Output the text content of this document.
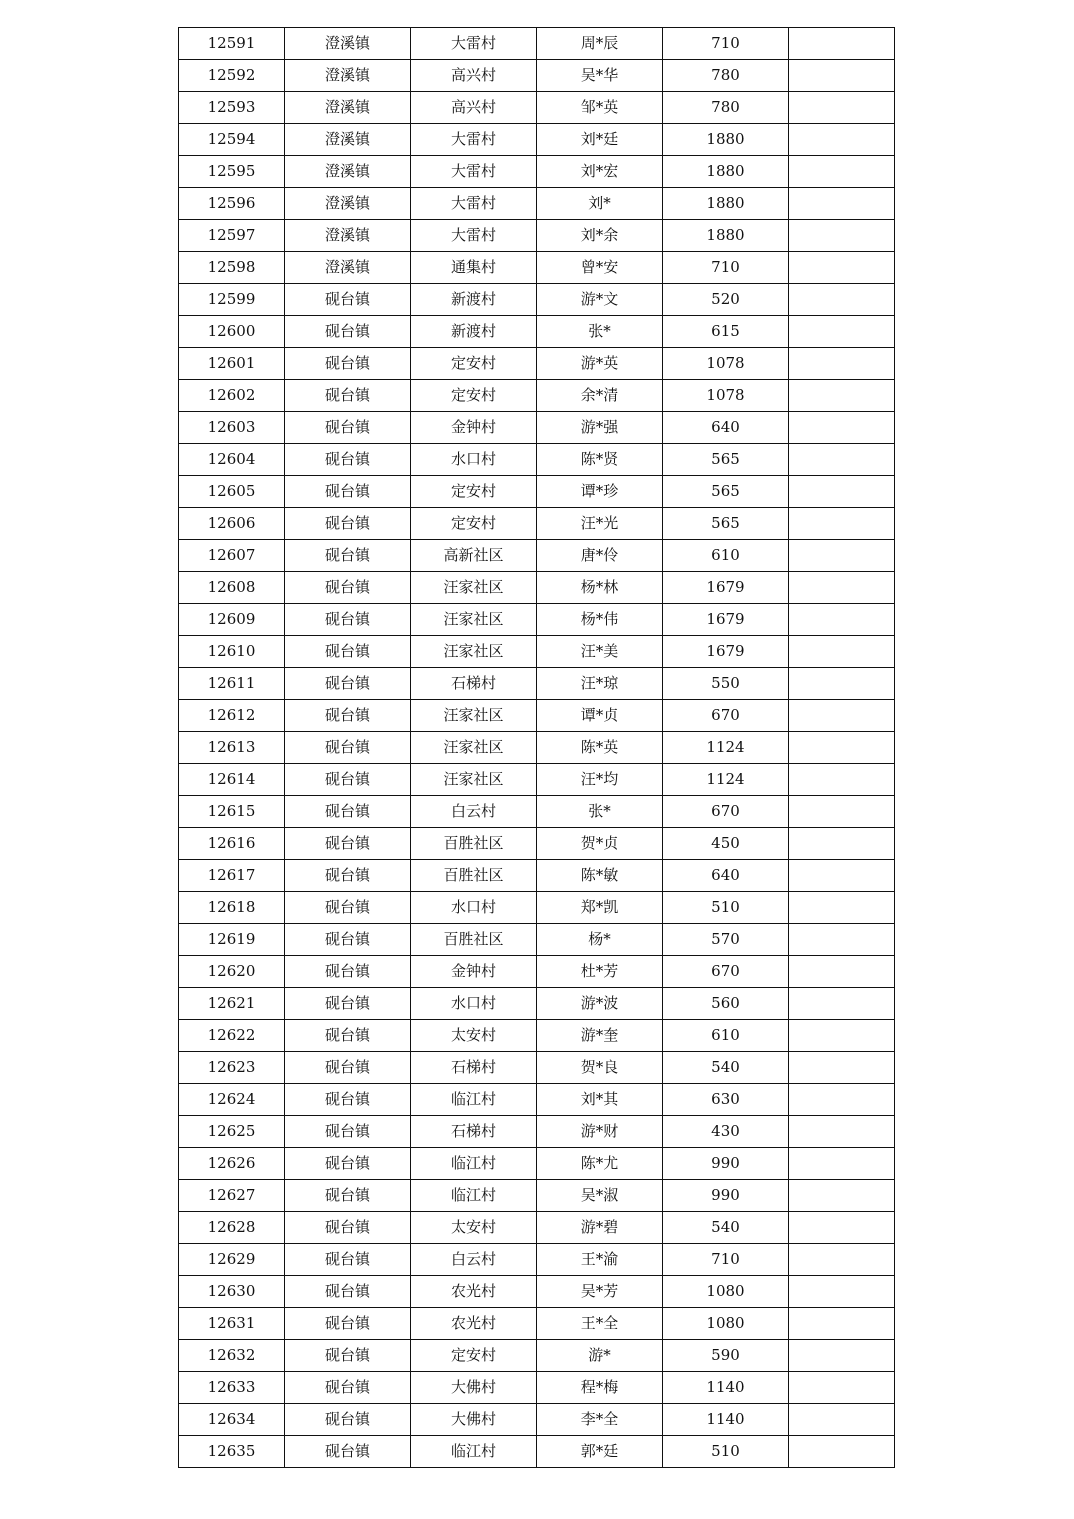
12591	澄溪镇	大雷村	周*辰	710	
12592	澄溪镇	高兴村	吴*华	780	
12593	澄溪镇	高兴村	邹*英	780	
12594	澄溪镇	大雷村	刘*廷	1880	
12595	澄溪镇	大雷村	刘*宏	1880	
12596	澄溪镇	大雷村	刘*	1880	
12597	澄溪镇	大雷村	刘*余	1880	
12598	澄溪镇	通集村	曾*安	710	
12599	砚台镇	新渡村	游*文	520	
12600	砚台镇	新渡村	张*	615	
12601	砚台镇	定安村	游*英	1078	
12602	砚台镇	定安村	余*清	1078	
12603	砚台镇	金钟村	游*强	640	
12604	砚台镇	水口村	陈*贤	565	
12605	砚台镇	定安村	谭*珍	565	
12606	砚台镇	定安村	汪*光	565	
12607	砚台镇	高新社区	唐*伶	610	
12608	砚台镇	汪家社区	杨*林	1679	
12609	砚台镇	汪家社区	杨*伟	1679	
12610	砚台镇	汪家社区	汪*美	1679	
12611	砚台镇	石梯村	汪*琼	550	
12612	砚台镇	汪家社区	谭*贞	670	
12613	砚台镇	汪家社区	陈*英	1124	
12614	砚台镇	汪家社区	汪*均	1124	
12615	砚台镇	白云村	张*	670	
12616	砚台镇	百胜社区	贺*贞	450	
12617	砚台镇	百胜社区	陈*敏	640	
12618	砚台镇	水口村	郑*凯	510	
12619	砚台镇	百胜社区	杨*	570	
12620	砚台镇	金钟村	杜*芳	670	
12621	砚台镇	水口村	游*波	560	
12622	砚台镇	太安村	游*奎	610	
12623	砚台镇	石梯村	贺*良	540	
12624	砚台镇	临江村	刘*其	630	
12625	砚台镇	石梯村	游*财	430	
12626	砚台镇	临江村	陈*尤	990	
12627	砚台镇	临江村	吴*淑	990	
12628	砚台镇	太安村	游*碧	540	
12629	砚台镇	白云村	王*渝	710	
12630	砚台镇	农光村	吴*芳	1080	
12631	砚台镇	农光村	王*全	1080	
12632	砚台镇	定安村	游*	590	
12633	砚台镇	大佛村	程*梅	1140	
12634	砚台镇	大佛村	李*全	1140	
12635	砚台镇	临江村	郭*廷	510	
